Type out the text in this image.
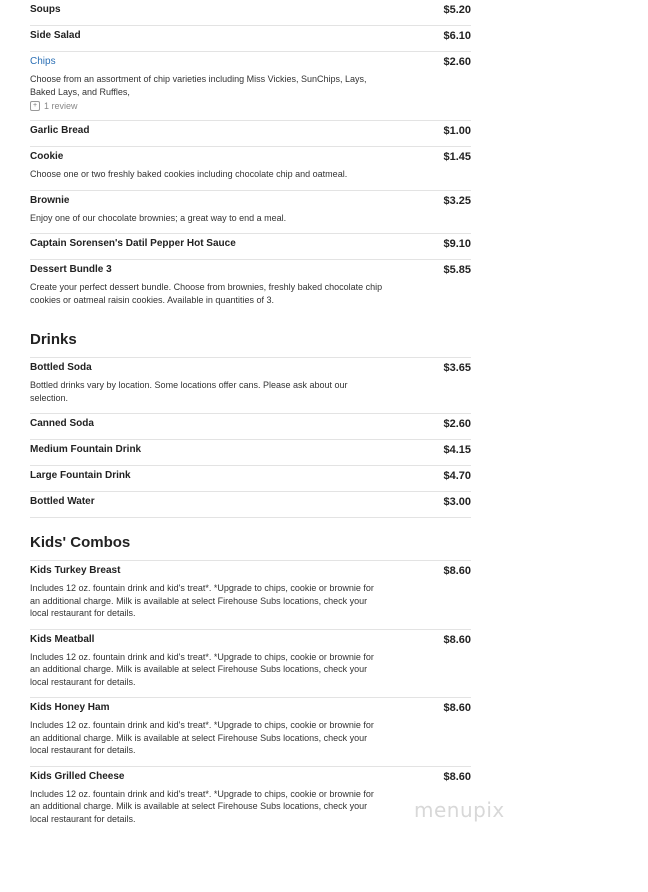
Soups	$5.20
Side Salad	$6.10
Chips	$2.60
Choose from an assortment of chip varieties including Miss Vickies, SunChips, Lays, Baked Lays, and Ruffles,
+ 1 review
Garlic Bread	$1.00
Cookie	$1.45
Choose one or two freshly baked cookies including chocolate chip and oatmeal.
Brownie	$3.25
Enjoy one of our chocolate brownies; a great way to end a meal.
Captain Sorensen's Datil Pepper Hot Sauce	$9.10
Dessert Bundle 3	$5.85
Create your perfect dessert bundle. Choose from brownies, freshly baked chocolate chip cookies or oatmeal raisin cookies. Available in quantities of 3.
Drinks
Bottled Soda	$3.65
Bottled drinks vary by location. Some locations offer cans. Please ask about our selection.
Canned Soda	$2.60
Medium Fountain Drink	$4.15
Large Fountain Drink	$4.70
Bottled Water	$3.00
Kids' Combos
Kids Turkey Breast	$8.60
Includes 12 oz. fountain drink and kid's treat*. *Upgrade to chips, cookie or brownie for an additional charge. Milk is available at select Firehouse Subs locations, check your local restaurant for details.
Kids Meatball	$8.60
Includes 12 oz. fountain drink and kid's treat*. *Upgrade to chips, cookie or brownie for an additional charge. Milk is available at select Firehouse Subs locations, check your local restaurant for details.
Kids Honey Ham	$8.60
Includes 12 oz. fountain drink and kid's treat*. *Upgrade to chips, cookie or brownie for an additional charge. Milk is available at select Firehouse Subs locations, check your local restaurant for details.
Kids Grilled Cheese	$8.60
Includes 12 oz. fountain drink and kid's treat*. *Upgrade to chips, cookie or brownie for an additional charge. Milk is available at select Firehouse Subs locations, check your local restaurant for details.	menupix
